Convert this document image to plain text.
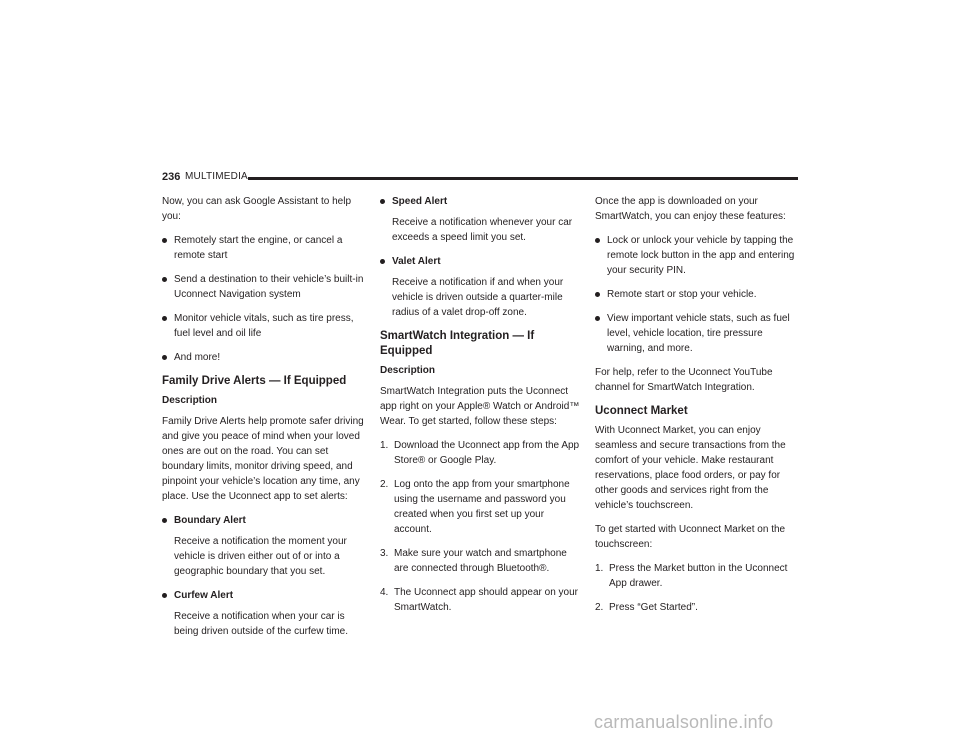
236 MULTIMEDIA

Now, you can ask Google Assistant to help you:

Remotely start the engine, or cancel a remote start
Send a destination to their vehicle’s built-in Uconnect Navigation system
Monitor vehicle vitals, such as tire press, fuel level and oil life
And more!
Family Drive Alerts — If Equipped
Description

Family Drive Alerts help promote safer driving and give you peace of mind when your loved ones are out on the road. You can set boundary limits, monitor driving speed, and pinpoint your vehicle’s location any time, any place. Use the Uconnect app to set alerts:

Boundary Alert
Receive a notification the moment your vehicle is driven either out of or into a geographic boundary that you set.
Curfew Alert
Receive a notification when your car is being driven outside of the curfew time.
Speed Alert
Receive a notification whenever your car exceeds a speed limit you set.
Valet Alert
Receive a notification if and when your vehicle is driven outside a quarter-mile radius of a valet drop-off zone.
SmartWatch Integration — If Equipped
Description

SmartWatch Integration puts the Uconnect app right on your Apple® Watch or Android™ Wear. To get started, follow these steps:

1. Download the Uconnect app from the App Store® or Google Play.
2. Log onto the app from your smartphone using the username and password you created when you first set up your account.
3. Make sure your watch and smartphone are connected through Bluetooth®.
4. The Uconnect app should appear on your SmartWatch.

Once the app is downloaded on your SmartWatch, you can enjoy these features:

Lock or unlock your vehicle by tapping the remote lock button in the app and entering your security PIN.
Remote start or stop your vehicle.
View important vehicle stats, such as fuel level, vehicle location, tire pressure warning, and more.

For help, refer to the Uconnect YouTube channel for SmartWatch Integration.

Uconnect Market

With Uconnect Market, you can enjoy seamless and secure transactions from the comfort of your vehicle. Make restaurant reservations, place food orders, or pay for other goods and services right from the vehicle’s touchscreen.

To get started with Uconnect Market on the touchscreen:

1. Press the Market button in the Uconnect App drawer.
2. Press “Get Started”.
carmanualsonline.info
